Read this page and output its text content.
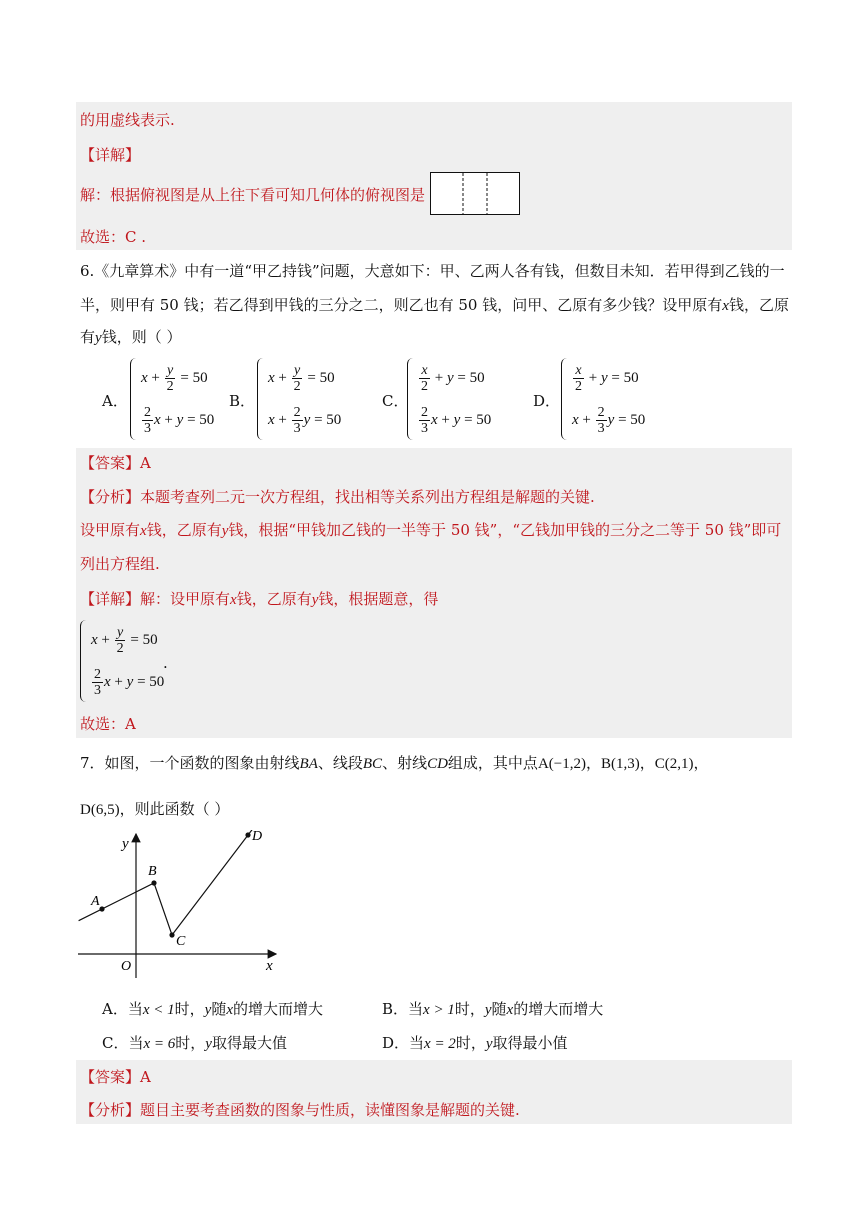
的用虚线表示.
【详解】
解：根据俯视图是从上往下看可知几何体的俯视图是
故选：C .
6.《九章算术》中有一道“甲乙持钱”问题，大意如下：甲、乙两人各有钱，但数目未知．若甲得到乙钱的一
半，则甲有 50 钱；若乙得到甲钱的三分之二，则乙也有 50 钱，问甲、乙原有多少钱？设甲原有x钱，乙原
有y钱，则（ ）
A．
$x + \frac{y}{2} = 50$
$\frac{2}{3}$ x + y = 50
B．
$x + \frac{y}{2} = 50$
$x + \frac{2}{3}$ y = 50
C．
$\frac{x}{2} + y = 50$
$\frac{2}{3}$ x + y = 50
D．
$\frac{x}{2} + y = 50$
$x + \frac{2}{3}$ y = 50
【答案】A
【分析】本题考查列二元一次方程组，找出相等关系列出方程组是解题的关键.
设甲原有x钱，乙原有y钱，根据“甲钱加乙钱的一半等于 50 钱”，“乙钱加甲钱的三分之二等于 50 钱”即可
列出方程组.
【详解】解：设甲原有x钱，乙原有y钱，根据题意，得
$x + \frac{y}{2} = 50$
$\frac{2}{3}$ x + y = 50
.
故选：A
7．如图，一个函数的图象由射线BA、线段BC、射线CD组成，其中点A(−1,2)，B(1,3)，C(2,1)，
D(6,5)，则此函数（ ）
y
x
O
A
B
C
D
A．当x < 1时，y随x的增大而增大	B．当x > 1时，y随x的增大而增大
C．当x = 6时，y取得最大值	D．当x = 2时，y取得最小值
【答案】A
【分析】题目主要考查函数的图象与性质，读懂图象是解题的关键.
